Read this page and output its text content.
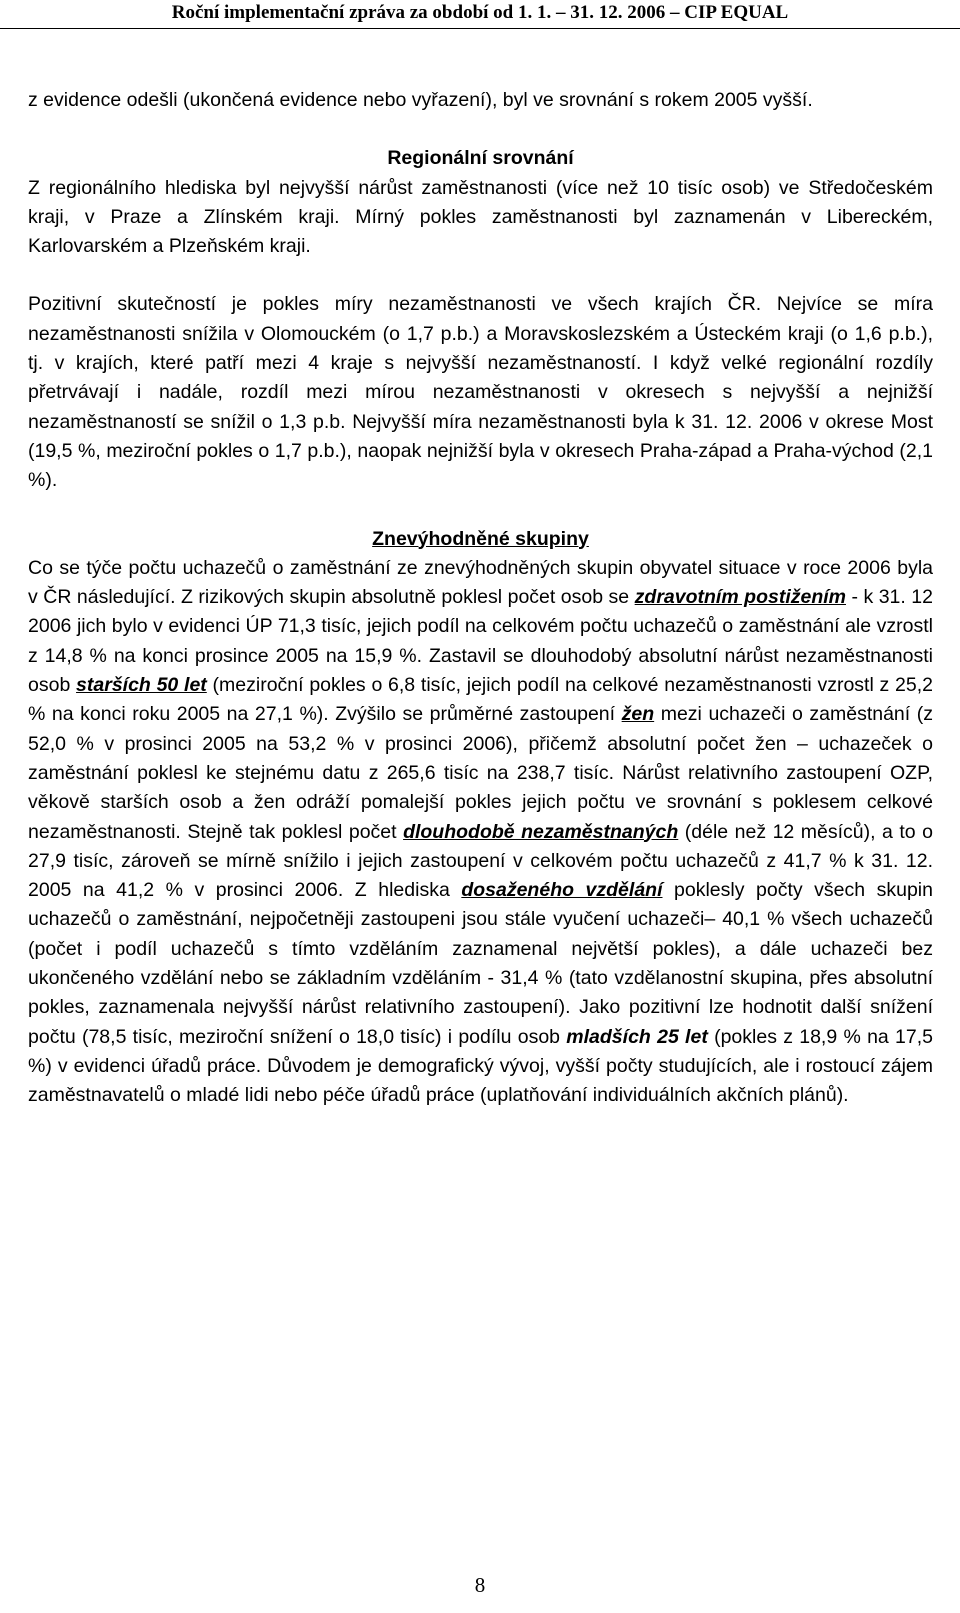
Roční implementační zpráva za období od 1. 1. – 31. 12. 2006 – CIP EQUAL

z evidence odešli (ukončená evidence nebo vyřazení), byl ve srovnání s rokem 2005 vyšší.

Regionální srovnání

Z regionálního hlediska byl nejvyšší nárůst zaměstnanosti (více než 10 tisíc osob) ve Středočeském kraji, v Praze a Zlínském kraji. Mírný pokles zaměstnanosti byl zaznamenán v Libereckém, Karlovarském a Plzeňském kraji.

Pozitivní skutečností je pokles míry nezaměstnanosti ve všech krajích ČR. Nejvíce se míra nezaměstnanosti snížila v Olomouckém (o 1,7 p.b.) a Moravskoslezském a Ústeckém kraji (o 1,6 p.b.), tj. v krajích, které patří mezi 4 kraje s nejvyšší nezaměstnaností. I když velké regionální rozdíly přetrvávají i nadále, rozdíl mezi mírou nezaměstnanosti v okresech s nejvyšší a nejnižší nezaměstnaností se snížil o 1,3 p.b. Nejvyšší míra nezaměstnanosti byla k 31. 12. 2006 v okrese Most (19,5 %, meziroční pokles o 1,7 p.b.), naopak nejnižší byla v okresech Praha-západ a Praha-východ (2,1 %).

Znevýhodněné skupiny

Co se týče počtu uchazečů o zaměstnání ze znevýhodněných skupin obyvatel situace v roce 2006 byla v ČR následující. Z rizikových skupin absolutně poklesl počet osob se zdravotním postižením - k 31. 12 2006 jich bylo v evidenci ÚP 71,3 tisíc, jejich podíl na celkovém počtu uchazečů o zaměstnání ale vzrostl z 14,8 % na konci prosince 2005 na 15,9 %. Zastavil se dlouhodobý absolutní nárůst nezaměstnanosti osob starších 50 let (meziroční pokles o 6,8 tisíc, jejich podíl na celkové nezaměstnanosti vzrostl z 25,2 % na konci roku 2005 na 27,1 %). Zvýšilo se průměrné zastoupení žen mezi uchazeči o zaměstnání (z 52,0 % v prosinci 2005 na 53,2 % v prosinci 2006), přičemž absolutní počet žen – uchazeček o zaměstnání poklesl ke stejnému datu z 265,6 tisíc na 238,7 tisíc. Nárůst relativního zastoupení OZP, věkově starších osob a žen odráží pomalejší pokles jejich počtu ve srovnání s poklesem celkové nezaměstnanosti. Stejně tak poklesl počet dlouhodobě nezaměstnaných (déle než 12 měsíců), a to o 27,9 tisíc, zároveň se mírně snížilo i jejich zastoupení v celkovém počtu uchazečů z 41,7 % k 31. 12. 2005 na 41,2 % v prosinci 2006. Z hlediska dosaženého vzdělání poklesly počty všech skupin uchazečů o zaměstnání, nejpočetněji zastoupeni jsou stále vyučení uchazeči– 40,1 % všech uchazečů (počet i podíl uchazečů s tímto vzděláním zaznamenal největší pokles), a dále uchazeči bez ukončeného vzdělání nebo se základním vzděláním - 31,4 % (tato vzdělanostní skupina, přes absolutní pokles, zaznamenala nejvyšší nárůst relativního zastoupení). Jako pozitivní lze hodnotit další snížení počtu (78,5 tisíc, meziroční snížení o 18,0 tisíc) i podílu osob mladších 25 let (pokles z 18,9 % na 17,5 %) v evidenci úřadů práce. Důvodem je demografický vývoj, vyšší počty studujících, ale i rostoucí zájem zaměstnavatelů o mladé lidi nebo péče úřadů práce (uplatňování individuálních akčních plánů).

8
